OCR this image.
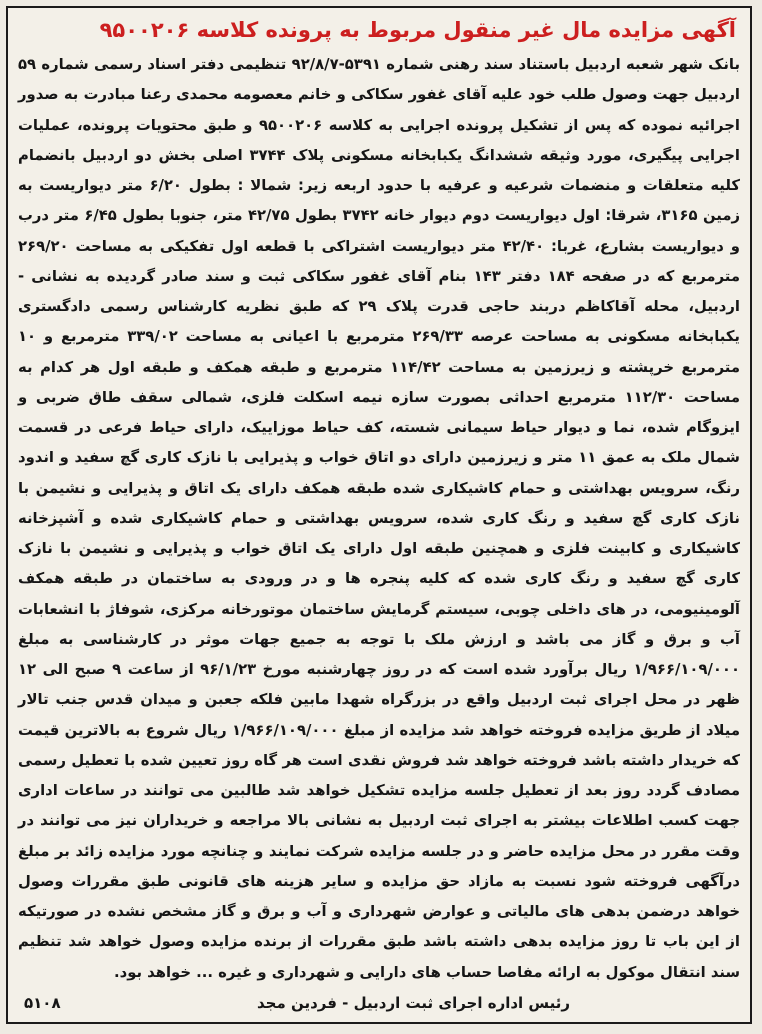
آگهی مزایده مال غیر منقول مربوط به پرونده کلاسه ۹۵۰۰۲۰۶
بانک شهر شعبه اردبیل باستناد سند رهنی شماره ۵۳۹۱-۹۲/۸/۷ تنظیمی دفتر اسناد رسمی شماره ۵۹ اردبیل جهت وصول طلب خود علیه آقای غفور سکاکی و خانم معصومه محمدی رعنا مبادرت به صدور اجرائیه نموده که پس از تشکیل پرونده اجرایی به کلاسه ۹۵۰۰۲۰۶ و طبق محتویات پرونده، عملیات اجرایی پیگیری، مورد وثیقه ششدانگ یکبابخانه مسکونی پلاک ۳۷۴۴ اصلی بخش دو اردبیل بانضمام کلیه متعلقات و منضمات شرعیه و عرفیه با حدود اربعه زیر: شمالا : بطول ۶/۲۰ متر دیواریست به زمین ۳۱۶۵، شرقا: اول دیواریست دوم دیوار خانه ۳۷۴۲ بطول ۴۲/۷۵ متر، جنوبا بطول ۶/۴۵ متر درب و دیواریست بشارع، غربا: ۴۲/۴۰ متر دیواریست اشتراکی با قطعه اول تفکیکی به مساحت ۲۶۹/۲۰ مترمربع که در صفحه ۱۸۴ دفتر ۱۴۳ بنام آقای غفور سکاکی ثبت و سند صادر گردیده به نشانی - اردبیل، محله آقاکاظم دربند حاجی قدرت پلاک ۲۹ که طبق نظریه کارشناس رسمی دادگستری یکبابخانه مسکونی به مساحت عرصه ۲۶۹/۳۳ مترمربع با اعیانی به مساحت ۳۳۹/۰۲ مترمربع و ۱۰ مترمربع خرپشته و زیرزمین به مساحت ۱۱۴/۴۲ مترمربع و طبقه همکف و طبقه اول هر کدام به مساحت ۱۱۲/۳۰ مترمربع احداثی بصورت سازه نیمه اسکلت فلزی، شمالی سقف طاق ضربی و ایزوگام شده، نما و دیوار حیاط سیمانی شسته، کف حیاط موزاییک، دارای حیاط فرعی در قسمت شمال ملک به عمق ۱۱ متر و زیرزمین دارای دو اتاق خواب و پذیرایی با نازک کاری گچ سفید و اندود رنگ، سرویس بهداشتی و حمام کاشیکاری شده طبقه همکف دارای یک اتاق و پذیرایی و نشیمن با نازک کاری گچ سفید و رنگ کاری شده، سرویس بهداشتی و حمام کاشیکاری شده و آشپزخانه کاشیکاری و کابینت فلزی و همچنین طبقه اول دارای یک اتاق خواب و پذیرایی و نشیمن با نازک کاری گچ سفید و رنگ کاری شده که کلیه پنجره ها و در ورودی به ساختمان در طبقه همکف آلومینیومی، در های داخلی چوبی، سیستم گرمایش ساختمان موتورخانه مرکزی، شوفاژ با انشعابات آب و برق و گاز می باشد و ارزش ملک با توجه به جمیع جهات موثر در کارشناسی به مبلغ ۱/۹۶۶/۱۰۹/۰۰۰ ریال برآورد شده است که در روز چهارشنبه مورخ ۹۶/۱/۲۳ از ساعت ۹ صبح الی ۱۲ ظهر در محل اجرای ثبت اردبیل واقع در بزرگراه شهدا مابین فلکه جعبن و میدان قدس جنب تالار میلاد از طریق مزایده فروخته خواهد شد مزایده از مبلغ ۱/۹۶۶/۱۰۹/۰۰۰ ریال شروع به بالاترین قیمت که خریدار داشته باشد فروخته خواهد شد فروش نقدی است هر گاه روز تعیین شده با تعطیل رسمی مصادف گردد روز بعد از تعطیل جلسه مزایده تشکیل خواهد شد طالبین می توانند در ساعات اداری جهت کسب اطلاعات بیشتر به اجرای ثبت اردبیل به نشانی بالا مراجعه و خریداران نیز می توانند در وقت مقرر در محل مزایده حاضر و در جلسه مزایده شرکت نمایند و چنانچه مورد مزایده زائد بر مبلغ درآگهی فروخته شود نسبت به مازاد حق مزایده و سایر هزینه های قانونی طبق مقررات وصول خواهد درضمن بدهی های مالیاتی و عوارض شهرداری و آب و برق و گاز مشخص نشده در صورتیکه از این باب تا روز مزایده بدهی داشته باشد طبق مقررات از برنده مزایده وصول خواهد شد تنظیم سند انتقال موکول به ارائه مفاصا حساب های دارایی و شهرداری و غیره ... خواهد بود.
رئیس اداره اجرای ثبت اردبیل - فردین مجد
۵۱۰۸
